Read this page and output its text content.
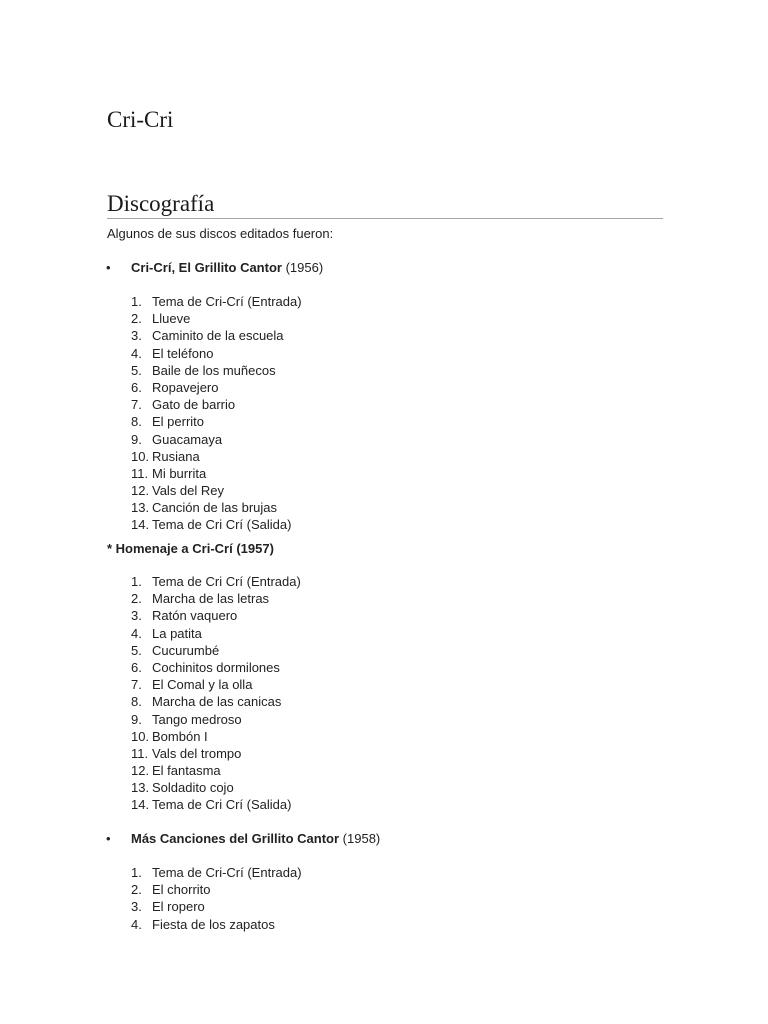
Cri-Cri
Discografía

Algunos de sus discos editados fueron:

• Cri-Crí, El Grillito Cantor (1956)

1. Tema de Cri-Crí (Entrada)
2. Llueve
3. Caminito de la escuela
4. El teléfono
5. Baile de los muñecos
6. Ropavejero
7. Gato de barrio
8. El perrito
9. Guacamaya
10. Rusiana
11. Mi burrita
12. Vals del Rey
13. Canción de las brujas
14. Tema de Cri Crí (Salida)

* Homenaje a Cri-Crí (1957)

1. Tema de Cri Crí (Entrada)
2. Marcha de las letras
3. Ratón vaquero
4. La patita
5. Cucurumbé
6. Cochinitos dormilones
7. El Comal y la olla
8. Marcha de las canicas
9. Tango medroso
10. Bombón I
11. Vals del trompo
12. El fantasma
13. Soldadito cojo
14. Tema de Cri Crí (Salida)

• Más Canciones del Grillito Cantor (1958)

1. Tema de Cri-Crí (Entrada)
2. El chorrito
3. El ropero
4. Fiesta de los zapatos
